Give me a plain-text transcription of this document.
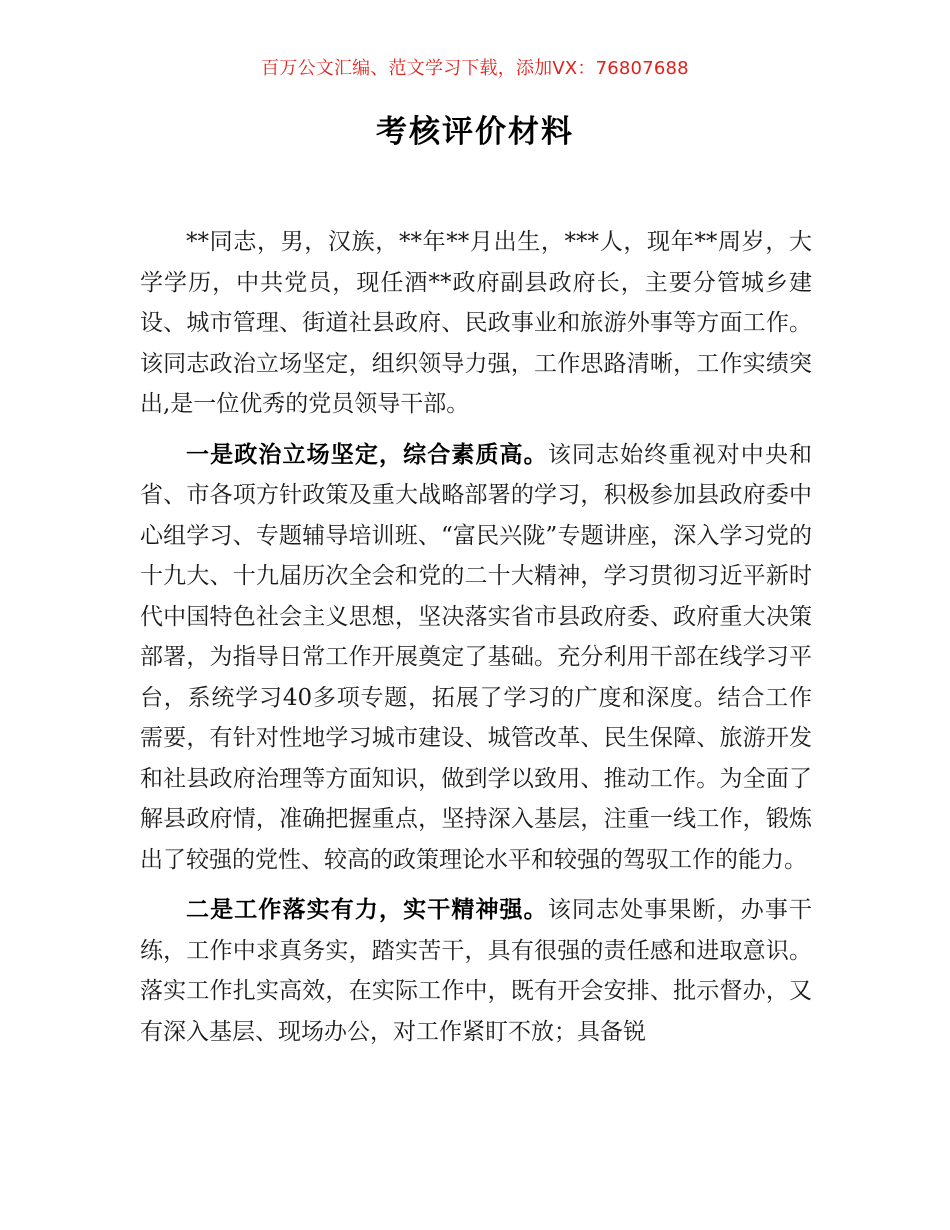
百万公文汇编、范文学习下载，添加VX：76807688
考核评价材料

**同志，男，汉族，**年**月出生，***人，现年**周岁，大学学历，中共党员，现任酒**政府副县政府长，主要分管城乡建设、城市管理、街道社县政府、民政事业和旅游外事等方面工作。该同志政治立场坚定，组织领导力强，工作思路清晰，工作实绩突出,是一位优秀的党员领导干部。

一是政治立场坚定，综合素质高。该同志始终重视对中央和省、市各项方针政策及重大战略部署的学习，积极参加县政府委中心组学习、专题辅导培训班、“富民兴陇”专题讲座，深入学习党的十九大、十九届历次全会和党的二十大精神，学习贯彻习近平新时代中国特色社会主义思想，坚决落实省市县政府委、政府重大决策部署，为指导日常工作开展奠定了基础。充分利用干部在线学习平台，系统学习40多项专题，拓展了学习的广度和深度。结合工作需要，有针对性地学习城市建设、城管改革、民生保障、旅游开发和社县政府治理等方面知识，做到学以致用、推动工作。为全面了解县政府情，准确把握重点，坚持深入基层，注重一线工作，锻炼出了较强的党性、较高的政策理论水平和较强的驾驭工作的能力。

二是工作落实有力，实干精神强。该同志处事果断，办事干练，工作中求真务实，踏实苦干，具有很强的责任感和进取意识。落实工作扎实高效，在实际工作中，既有开会安排、批示督办，又有深入基层、现场办公，对工作紧盯不放；具备锐
